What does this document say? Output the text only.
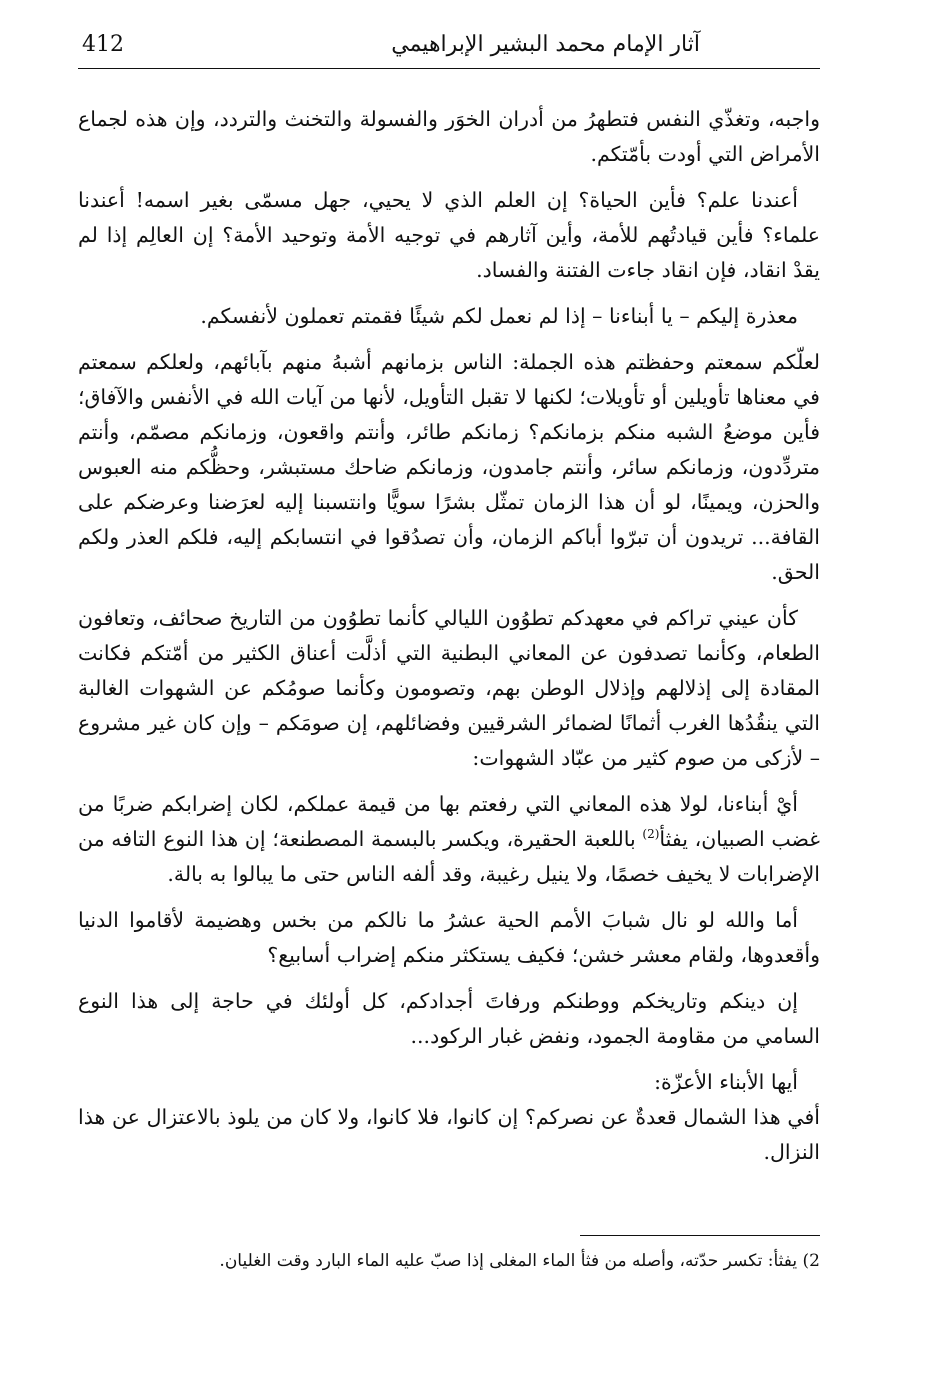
آثار الإمام محمد البشير الإبراهيمي
412

واجبه، وتغذّي النفس فتطهرُ من أدران الخوَر والفسولة والتخنث والتردد، وإن هذه لجماع الأمراض التي أودت بأمّتكم.

أعندنا علم؟ فأين الحياة؟ إن العلم الذي لا يحيي، جهل مسمّى بغير اسمه! أعندنا علماء؟ فأين قيادتُهم للأمة، وأين آثارهم في توجيه الأمة وتوحيد الأمة؟ إن العالِم إذا لم يقدْ انقاد، فإن انقاد جاءت الفتنة والفساد.

معذرة إليكم – يا أبناءنا – إذا لم نعمل لكم شيئًا فقمتم تعملون لأنفسكم.

لعلّكم سمعتم وحفظتم هذه الجملة: الناس بزمانهم أشبهُ منهم بآبائهم، ولعلكم سمعتم في معناها تأويلين أو تأويلات؛ لكنها لا تقبل التأويل، لأنها من آيات الله في الأنفس والآفاق؛ فأين موضعُ الشبه منكم بزمانكم؟ زمانكم طائر، وأنتم واقعون، وزمانكم مصمّم، وأنتم متردِّدون، وزمانكم سائر، وأنتم جامدون، وزمانكم ضاحك مستبشر، وحظُّكم منه العبوس والحزن، ويمينًا، لو أن هذا الزمان تمثّل بشرًا سويًّا وانتسبنا إليه لعرَضنا وعرضكم على القافة... تريدون أن تبرّوا أباكم الزمان، وأن تصدُقوا في انتسابكم إليه، فلكم العذر ولكم الحق.

كأن عيني تراكم في معهدكم تطوُون الليالي كأنما تطوُون من التاريخ صحائف، وتعافون الطعام، وكأنما تصدفون عن المعاني البطنية التي أذلَّت أعناق الكثير من أمّتكم فكانت المقادة إلى إذلالهم وإذلال الوطن بهم، وتصومون وكأنما صومُكم عن الشهوات الغالبة التي ينقُدُها الغرب أثمانًا لضمائر الشرقيين وفضائلهم، إن صومَكم – وإن كان غير مشروع – لأزكى من صوم كثير من عبّاد الشهوات:

أيْ أبناءنا، لولا هذه المعاني التي رفعتم بها من قيمة عملكم، لكان إضرابكم ضربًا من غضب الصبيان، يفثأ$^{(2)}$ باللعبة الحقيرة، ويكسر بالبسمة المصطنعة؛ إن هذا النوع التافه من الإضرابات لا يخيف خصمًا، ولا ينيل رغيبة، وقد ألفه الناس حتى ما يبالوا به بالة.

أما والله لو نال شبابَ الأمم الحية عشرُ ما نالكم من بخس وهضيمة لأقاموا الدنيا وأقعدوها، ولقام معشر خشن؛ فكيف يستكثر منكم إضراب أسابيع؟

إن دينكم وتاريخكم ووطنكم ورفاتَ أجدادكم، كل أولئك في حاجة إلى هذا النوع السامي من مقاومة الجمود، ونفض غبار الركود...

أيها الأبناء الأعزّة:

أفي هذا الشمال قعدةٌ عن نصركم؟ إن كانوا، فلا كانوا، ولا كان من يلوذ بالاعتزال عن هذا النزال.

2) يفثأ: تكسر حدّته، وأصله من فثأ الماء المغلى إذا صبّ عليه الماء البارد وقت الغليان.
